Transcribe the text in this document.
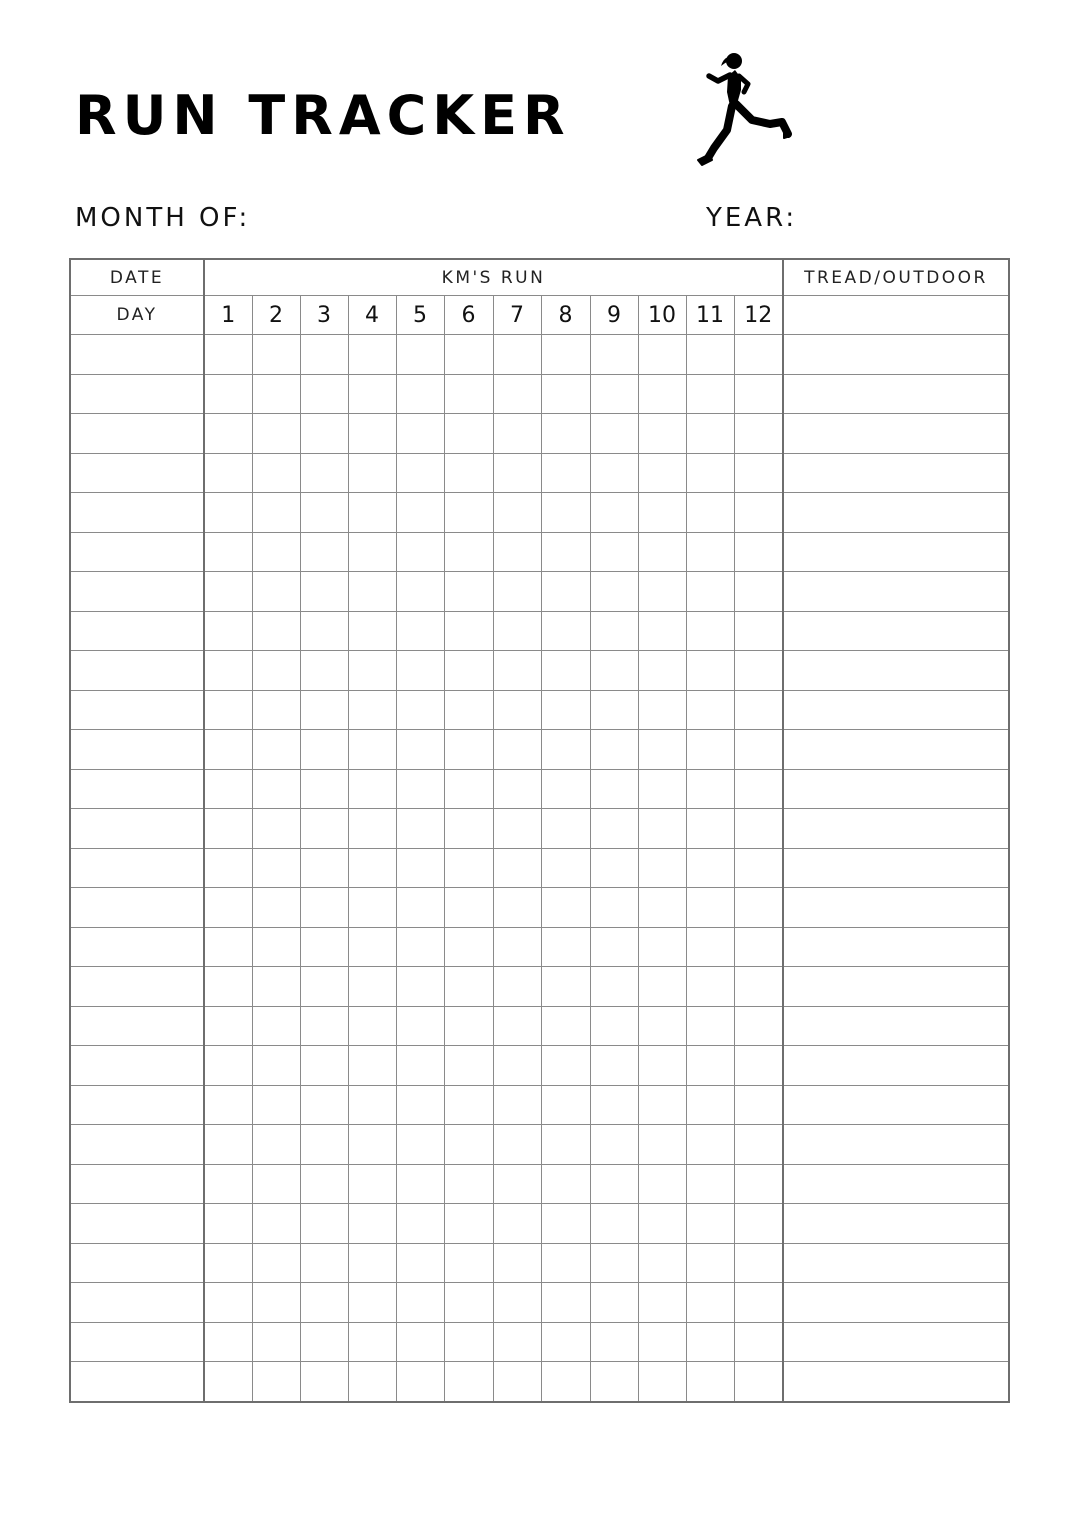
RUN TRACKER
MONTH OF:	YEAR:
DATE	KM'S RUN												TREAD/OUTDOOR
DAY	1	2	3	4	5	6	7	8	9	10	11	12	
